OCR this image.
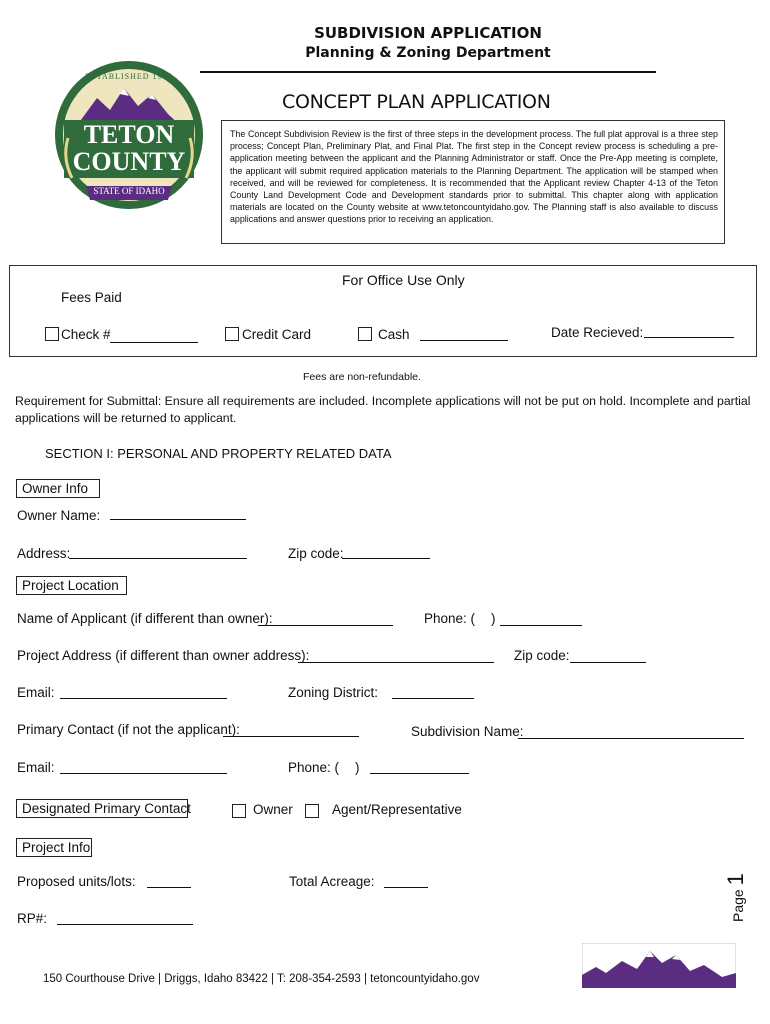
SUBDIVISION APPLICATION
Planning & Zoning Department
ESTABLISHED 1915
TETON
COUNTY
STATE OF IDAHO
CONCEPT PLAN APPLICATION
The Concept Subdivision Review is the first of three steps in the development process. The full plat approval is a three step process; Concept Plan, Preliminary Plat, and Final Plat. The first step in the Concept review process is scheduling a pre-application meeting between the applicant and the Planning Administrator or staff. Once the Pre-App meeting is complete, the applicant will submit required application materials to the Planning Department. The application will be stamped when received, and will be reviewed for completeness. It is recommended that the Applicant review Chapter 4-13 of the Teton County Land Development Code and Development standards prior to submittal. This chapter along with application materials are located on the County website at www.tetoncountyidaho.gov. The Planning staff is also available to discuss applications and answer questions prior to receiving an application.
For Office Use Only
Fees Paid
Check #	Credit Card	Cash	Date Recieved:
Fees are non-refundable.
Requirement for Submittal: Ensure all requirements are included. Incomplete applications will not be put on hold. Incomplete and partial applications will be returned to applicant.
SECTION I: PERSONAL AND PROPERTY RELATED DATA
Owner Info
Owner Name:
Address:	Zip code:
Project Location
Name of Applicant (if different than owner):	Phone: ( )
Project Address (if different than owner address):	Zip code:
Email:	Zoning District:
Primary Contact (if not the applicant):	Subdivision Name:
Email:	Phone: ( )
Designated Primary Contact	Owner	Agent/Representative
Project Info
Proposed units/lots:	Total Acreage:
RP#:	Page 1
150 Courthouse Drive | Driggs, Idaho 83422 | T: 208-354-2593 | tetoncountyidaho.gov
